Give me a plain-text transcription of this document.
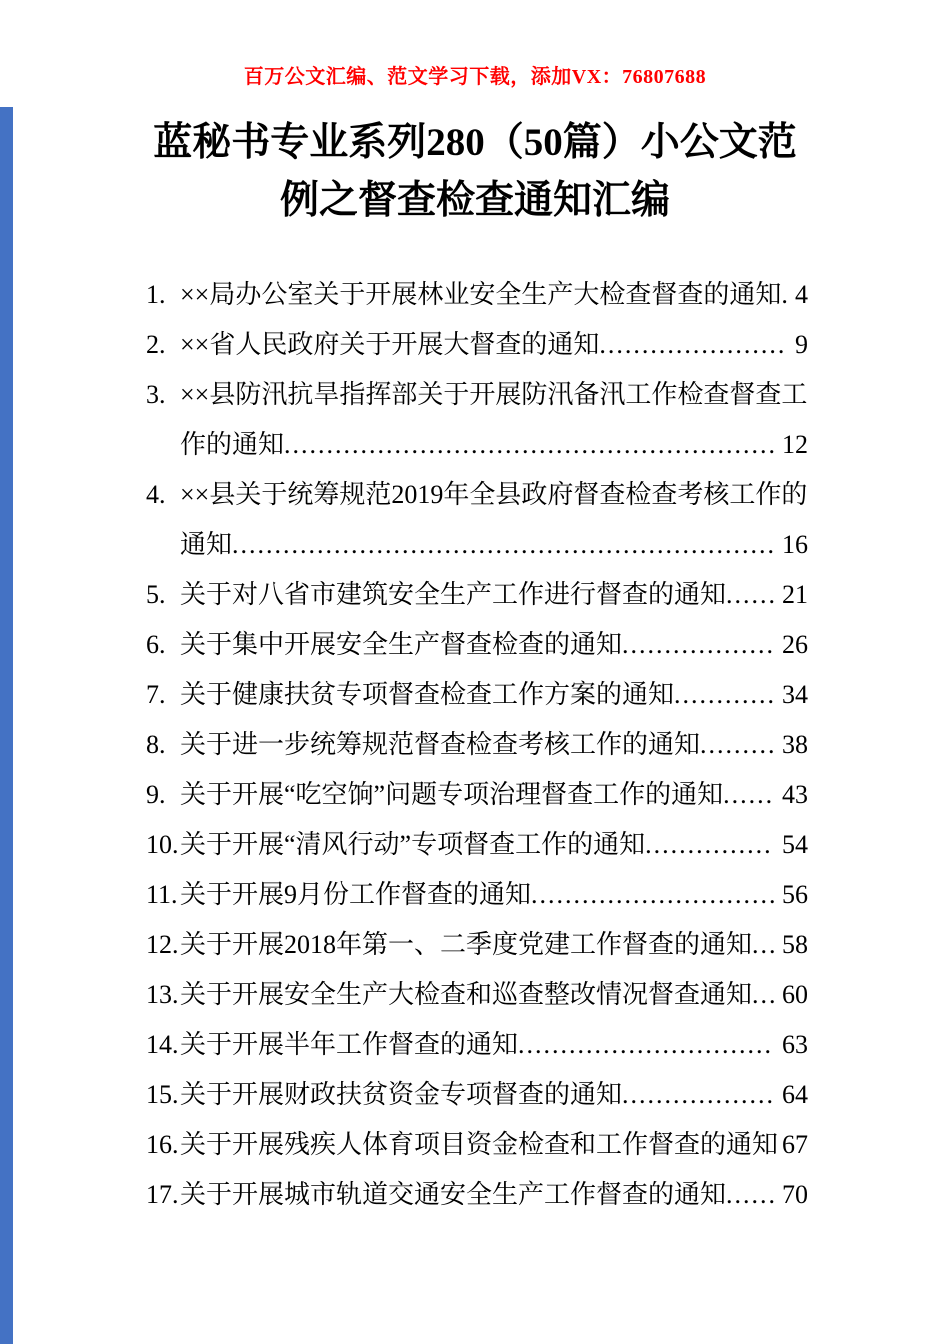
百万公文汇编、范文学习下载，添加VX：76807688
蓝秘书专业系列280（50篇）小公文范例之督查检查通知汇编
1. ××局办公室关于开展林业安全生产大检查督查的通知. 4
2. ××省人民政府关于开展大督查的通知...................... 9
3. ××县防汛抗旱指挥部关于开展防汛备汛工作检查督查工作的通知.......................................................... 12
4. ××县关于统筹规范2019年全县政府督查检查考核工作的通知................................................................ 16
5. 关于对八省市建筑安全生产工作进行督查的通知...... 21
6. 关于集中开展安全生产督查检查的通知.................. 26
7. 关于健康扶贫专项督查检查工作方案的通知............ 34
8. 关于进一步统筹规范督查检查考核工作的通知......... 38
9. 关于开展“吃空饷”问题专项治理督查工作的通知...... 43
10.关于开展“清风行动”专项督查工作的通知............... 54
11.关于开展9月份工作督查的通知............................. 56
12.关于开展2018年第一、二季度党建工作督查的通知... 58
13.关于开展安全生产大检查和巡查整改情况督查通知... 60
14.关于开展半年工作督查的通知.............................. 63
15.关于开展财政扶贫资金专项督查的通知.................. 64
16.关于开展残疾人体育项目资金检查和工作督查的通知 67
17.关于开展城市轨道交通安全生产工作督查的通知...... 70
